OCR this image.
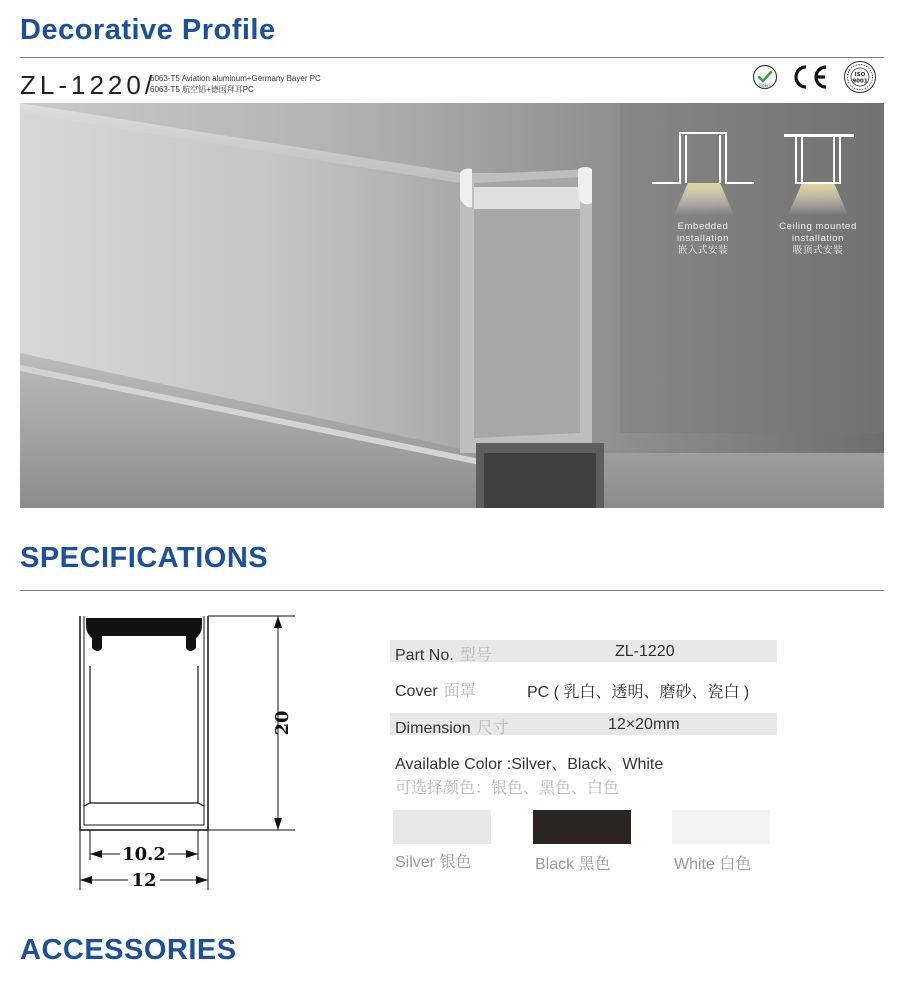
Decorative Profile
ZL-1220/
6063-T5 Aviation aluminum+Germany Bayer PC
6063-T5 航空铝+德国拜耳PC	RoHS
ISO
9001
Embedded
installation
嵌入式安装
Ceiling mounted
installation
吸顶式安装
SPECIFICATIONS
20
10.2
12
Part No. 型号	ZL-1220
Cover 面罩	PC ( 乳白、透明、磨砂、瓷白 )
Dimension 尺寸	12×20mm
Available Color :Silver、Black、White
可选择颜色：银色、黑色、白色
Silver 银色	Black 黑色	White 白色
ACCESSORIES
